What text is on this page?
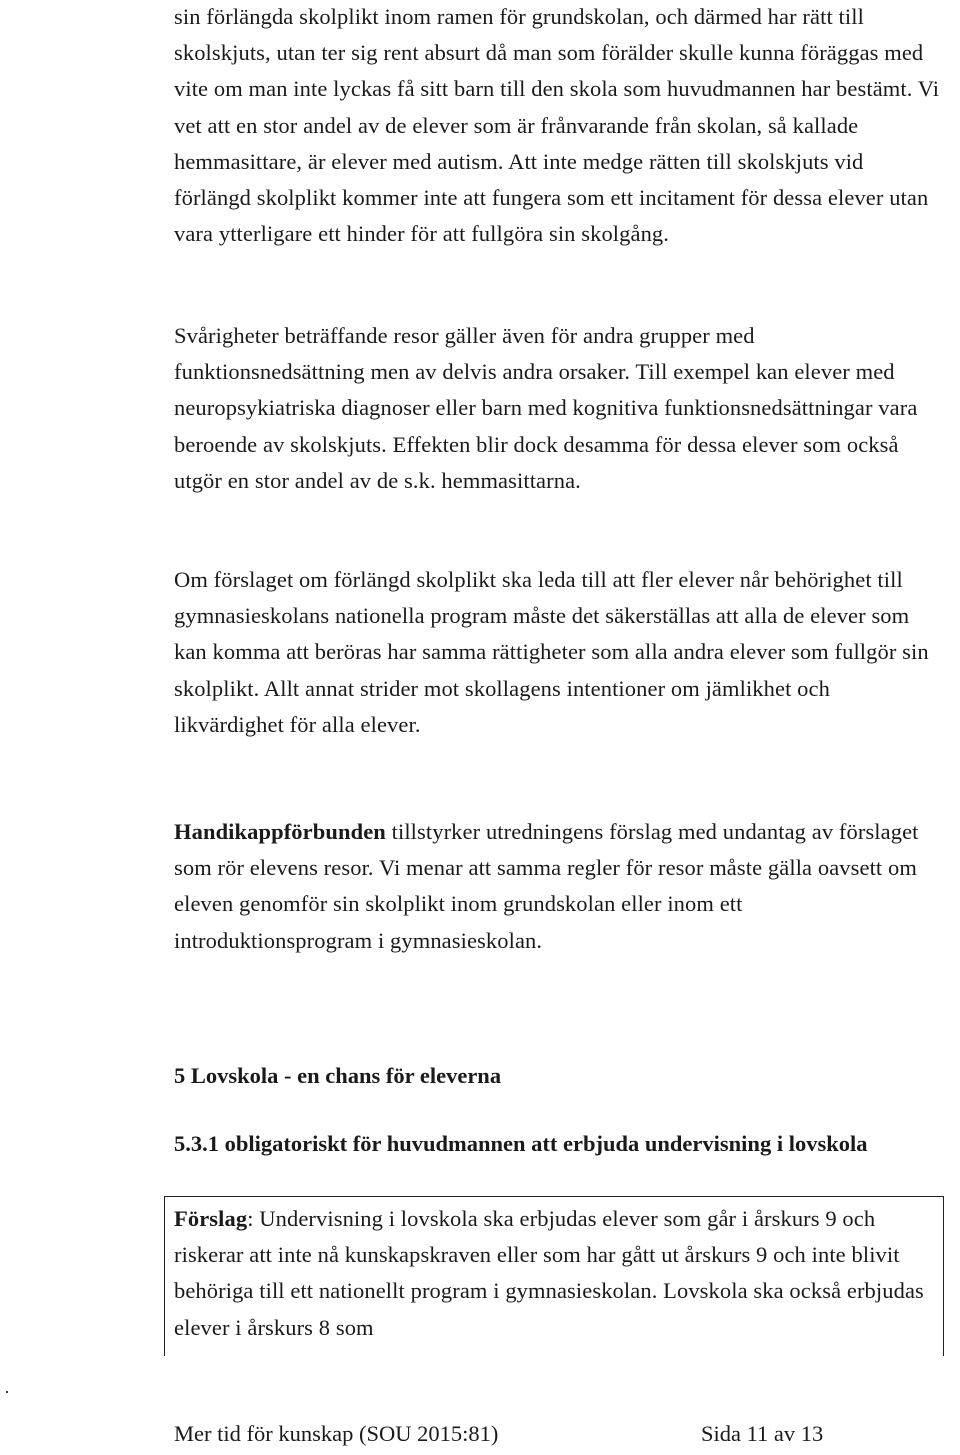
sin förlängda skolplikt inom ramen för grundskolan, och därmed har rätt till skolskjuts, utan ter sig rent absurt då man som förälder skulle kunna föräggas med vite om man inte lyckas få sitt barn till den skola som huvudmannen har bestämt. Vi vet att en stor andel av de elever som är frånvarande från skolan, så kallade hemmasittare, är elever med autism. Att inte medge rätten till skolskjuts vid förlängd skolplikt kommer inte att fungera som ett incitament för dessa elever utan vara ytterligare ett hinder för att fullgöra sin skolgång.

Svårigheter beträffande resor gäller även för andra grupper med funktionsnedsättning men av delvis andra orsaker. Till exempel kan elever med neuropsykiatriska diagnoser eller barn med kognitiva funktionsnedsättningar vara beroende av skolskjuts. Effekten blir dock desamma för dessa elever som också utgör en stor andel av de s.k. hemmasittarna.

Om förslaget om förlängd skolplikt ska leda till att fler elever når behörighet till gymnasieskolans nationella program måste det säkerställas att alla de elever som kan komma att beröras har samma rättigheter som alla andra elever som fullgör sin skolplikt. Allt annat strider mot skollagens intentioner om jämlikhet och likvärdighet för alla elever.

Handikappförbunden tillstyrker utredningens förslag med undantag av förslaget som rör elevens resor. Vi menar att samma regler för resor måste gälla oavsett om eleven genomför sin skolplikt inom grundskolan eller inom ett introduktionsprogram i gymnasieskolan.

5 Lovskola - en chans för eleverna
5.3.1 obligatoriskt för huvudmannen att erbjuda undervisning i lovskola

Förslag: Undervisning i lovskola ska erbjudas elever som går i årskurs 9 och riskerar att inte nå kunskapskraven eller som har gått ut årskurs 9 och inte blivit behöriga till ett nationellt program i gymnasieskolan. Lovskola ska också erbjudas elever i årskurs 8 som

Mer tid för kunskap (SOU 2015:81)	Sida 11 av 13
